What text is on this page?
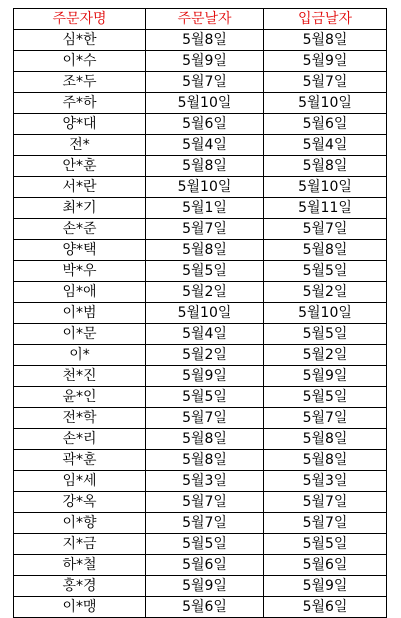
주문자명	주문날자	입금날자
심*한	5월8일	5월8일
이*수	5월9일	5월9일
조*두	5월7일	5월7일
주*하	5월10일	5월10일
양*대	5월6일	5월6일
전*	5월4일	5월4일
안*훈	5월8일	5월8일
서*란	5월10일	5월10일
최*기	5월1일	5월11일
손*준	5월7일	5월7일
양*택	5월8일	5월8일
박*우	5월5일	5월5일
임*애	5월2일	5월2일
이*범	5월10일	5월10일
이*문	5월4일	5월5일
이*	5월2일	5월2일
천*진	5월9일	5월9일
윤*인	5월5일	5월5일
전*학	5월7일	5월7일
손*리	5월8일	5월8일
곽*훈	5월8일	5월8일
임*세	5월3일	5월3일
강*옥	5월7일	5월7일
이*향	5월7일	5월7일
지*금	5월5일	5월5일
하*철	5월6일	5월6일
홍*경	5월9일	5월9일
이*맹	5월6일	5월6일
